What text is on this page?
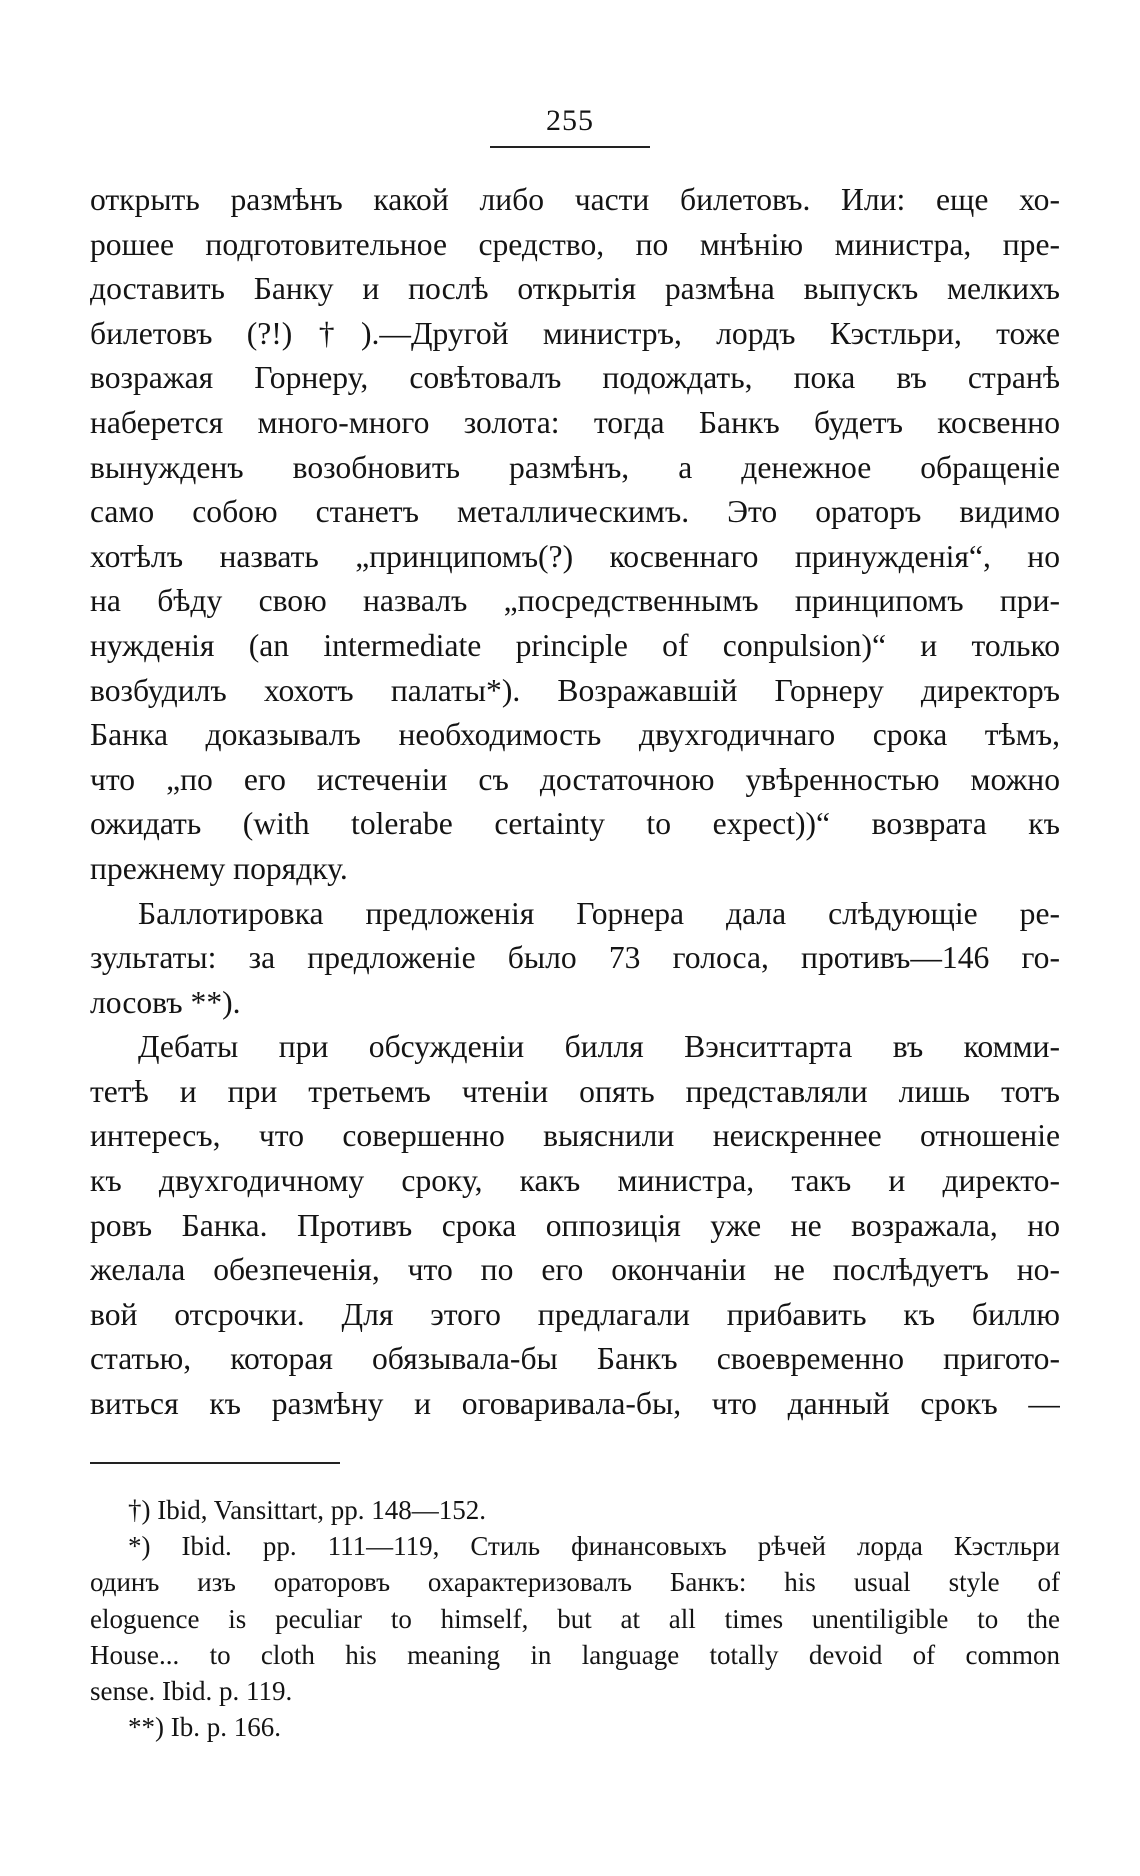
255
открыть размѣнъ какой либо части билетовъ. Или: еще хо-
рошее подготовительное средство, по мнѣнію министра, пре-
доставить Банку и послѣ открытія размѣна выпускъ мелкихъ
билетовъ (?!)†).—Другой министръ, лордъ Кэстльри, тоже
возражая Горнеру, совѣтовалъ подождать, пока въ странѣ
наберется много-много золота: тогда Банкъ будетъ косвенно
вынужденъ возобновить размѣнъ, а денежное обращеніе
само собою станетъ металлическимъ. Это ораторъ видимо
хотѣлъ назвать „принципомъ(?) косвеннаго принужденія“, но
на бѣду свою назвалъ „посредственнымъ принципомъ при-
нужденія (an intermediate principle of conpulsion)“ и только
возбудилъ хохотъ палаты*). Возражавшій Горнеру директоръ
Банка доказывалъ необходимость двухгодичнаго срока тѣмъ,
что „по его истеченіи съ достаточною увѣренностью можно
ожидать (with tolerabe certainty to expect))“ возврата къ
прежнему порядку.
Баллотировка предложенія Горнера дала слѣдующіе ре-
зультаты: за предложеніе было 73 голоса, противъ—146 го-
лосовъ **).
Дебаты при обсужденіи билля Вэнситтарта въ комми-
тетѣ и при третьемъ чтеніи опять представляли лишь тотъ
интересъ, что совершенно выяснили неискреннее отношеніе
къ двухгодичному сроку, какъ министра, такъ и директо-
ровъ Банка. Противъ срока оппозиція уже не возражала, но
желала обезпеченія, что по его окончаніи не послѣдуетъ но-
вой отсрочки. Для этого предлагали прибавить къ биллю
статью, которая обязывала-бы Банкъ своевременно пригото-
виться къ размѣну и оговаривала-бы, что данный срокъ —
†) Ibid, Vansittart, pp. 148—152.
*) Ibid. pp. 111—119, Стиль финансовыхъ рѣчей лорда Кэстльри
одинъ изъ ораторовъ охарактеризовалъ Банкъ: his usual style of
eloguence is peculiar to himself, but at all times unentiligible to the
House... to cloth his meaning in language totally devoid of common
sense. Ibid. p. 119.
**) Ib. p. 166.
